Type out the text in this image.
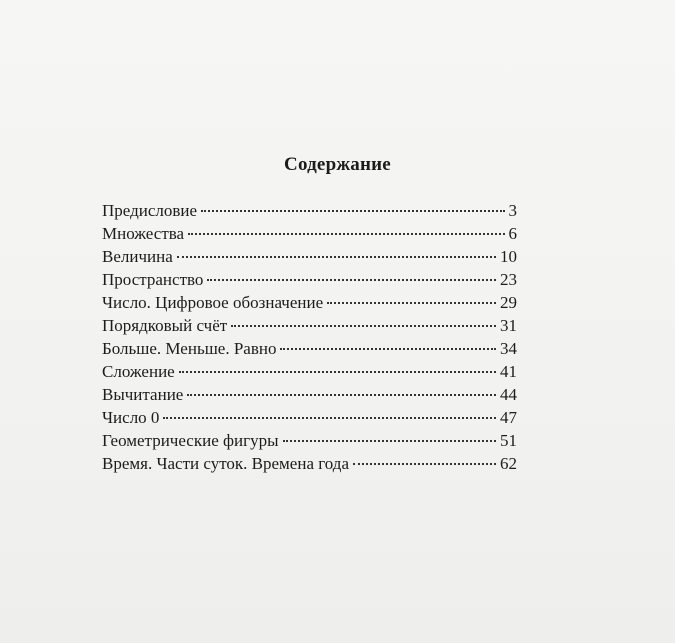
Содержание
Предисловие	3
Множества	6
Величина	10
Пространство	23
Число. Цифровое обозначение	29
Порядковый счёт	31
Больше. Меньше. Равно	34
Сложение	41
Вычитание	44
Число 0	47
Геометрические фигуры	51
Время. Части суток. Времена года	62
